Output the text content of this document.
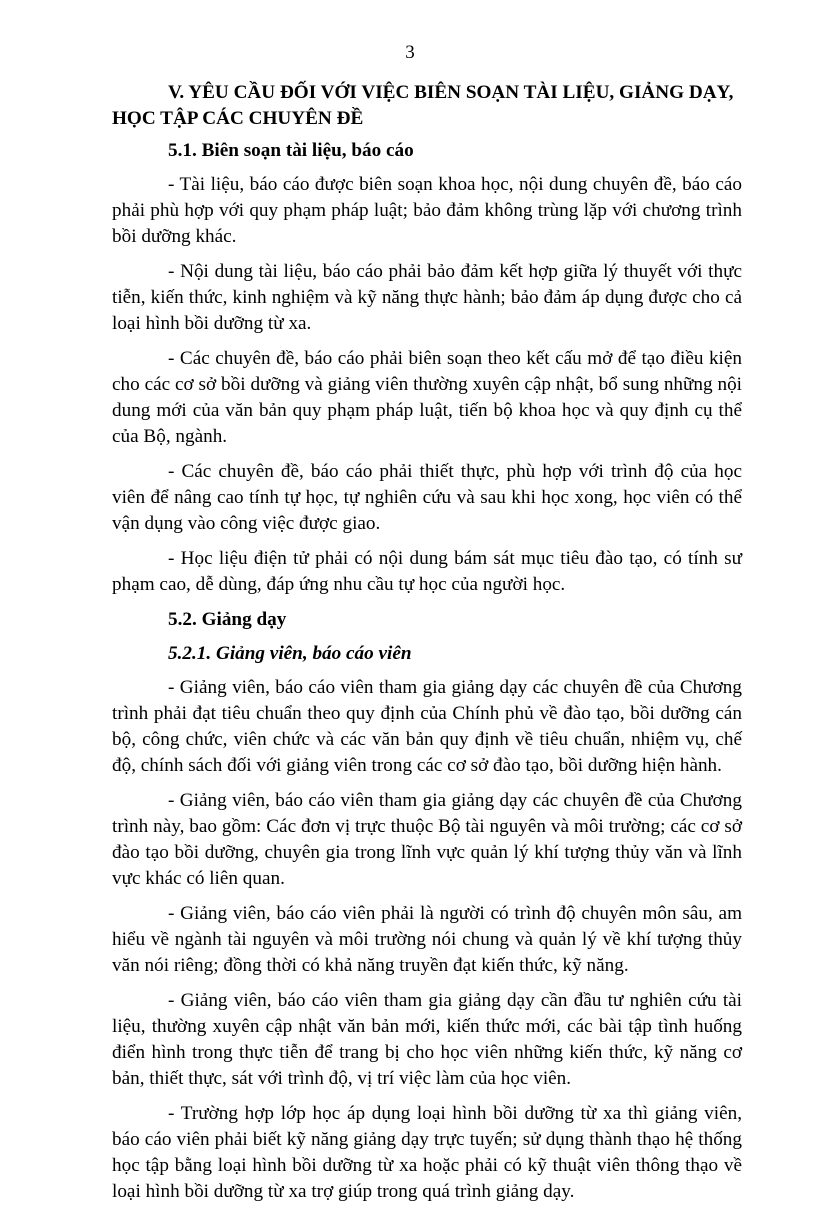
3
V. YÊU CẦU ĐỐI VỚI VIỆC BIÊN SOẠN TÀI LIỆU, GIẢNG DẠY, HỌC TẬP CÁC CHUYÊN ĐỀ
5.1. Biên soạn tài liệu, báo cáo

- Tài liệu, báo cáo được biên soạn khoa học, nội dung chuyên đề, báo cáo phải phù hợp với quy phạm pháp luật; bảo đảm không trùng lặp với chương trình bồi dưỡng khác.

- Nội dung tài liệu, báo cáo phải bảo đảm kết hợp giữa lý thuyết với thực tiễn, kiến thức, kinh nghiệm và kỹ năng thực hành; bảo đảm áp dụng được cho cả loại hình bồi dưỡng từ xa.

- Các chuyên đề, báo cáo phải biên soạn theo kết cấu mở để tạo điều kiện cho các cơ sở bồi dưỡng và giảng viên thường xuyên cập nhật, bổ sung những nội dung mới của văn bản quy phạm pháp luật, tiến bộ khoa học và quy định cụ thể của Bộ, ngành.

- Các chuyên đề, báo cáo phải thiết thực, phù hợp với trình độ của học viên để nâng cao tính tự học, tự nghiên cứu và sau khi học xong, học viên có thể vận dụng vào công việc được giao.

- Học liệu điện tử phải có nội dung bám sát mục tiêu đào tạo, có tính sư phạm cao, dễ dùng, đáp ứng nhu cầu tự học của người học.

5.2. Giảng dạy
5.2.1. Giảng viên, báo cáo viên

- Giảng viên, báo cáo viên tham gia giảng dạy các chuyên đề của Chương trình phải đạt tiêu chuẩn theo quy định của Chính phủ về đào tạo, bồi dưỡng cán bộ, công chức, viên chức và các văn bản quy định về tiêu chuẩn, nhiệm vụ, chế độ, chính sách đối với giảng viên trong các cơ sở đào tạo, bồi dưỡng hiện hành.

- Giảng viên, báo cáo viên tham gia giảng dạy các chuyên đề của Chương trình này, bao gồm: Các đơn vị trực thuộc Bộ tài nguyên và môi trường; các cơ sở đào tạo bồi dưỡng, chuyên gia trong lĩnh vực quản lý khí tượng thủy văn và lĩnh vực khác có liên quan.

- Giảng viên, báo cáo viên phải là người có trình độ chuyên môn sâu, am hiểu về ngành tài nguyên và môi trường nói chung và quản lý về khí tượng thủy văn nói riêng; đồng thời có khả năng truyền đạt kiến thức, kỹ năng.

- Giảng viên, báo cáo viên tham gia giảng dạy cần đầu tư nghiên cứu tài liệu, thường xuyên cập nhật văn bản mới, kiến thức mới, các bài tập tình huống điển hình trong thực tiễn để trang bị cho học viên những kiến thức, kỹ năng cơ bản, thiết thực, sát với trình độ, vị trí việc làm của học viên.

- Trường hợp lớp học áp dụng loại hình bồi dưỡng từ xa thì giảng viên, báo cáo viên phải biết kỹ năng giảng dạy trực tuyến; sử dụng thành thạo hệ thống học tập bằng loại hình bồi dưỡng từ xa hoặc phải có kỹ thuật viên thông thạo về loại hình bồi dưỡng từ xa trợ giúp trong quá trình giảng dạy.
